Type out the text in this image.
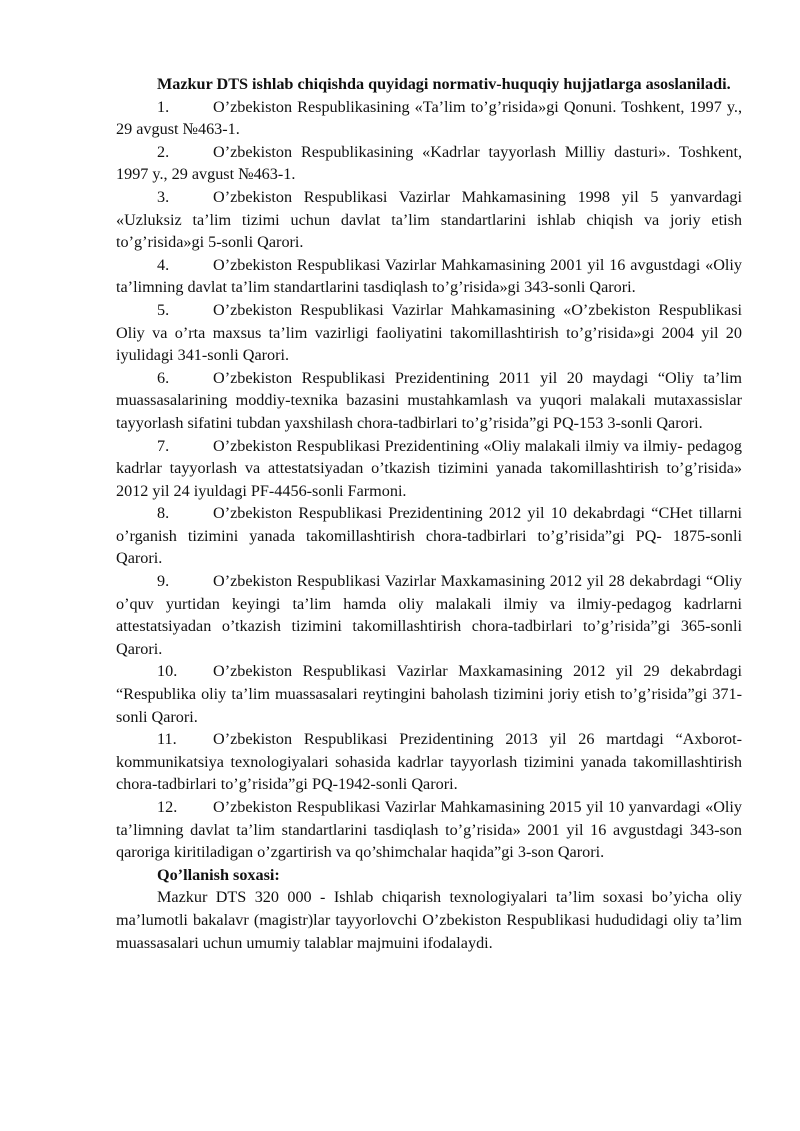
Mazkur DTS ishlab chiqishda quyidagi normativ-huquqiy hujjatlarga asoslaniladi.

1.	O’zbekiston Respublikasining «Ta’lim to’g’risida»gi Qonuni. Toshkent, 1997 y., 29 avgust №463-1.

2.	O’zbekiston Respublikasining «Kadrlar tayyorlash Milliy dasturi». Toshkent, 1997 y., 29 avgust №463-1.

3.	O’zbekiston Respublikasi Vazirlar Mahkamasining 1998 yil 5 yanvardagi «Uzluksiz ta’lim tizimi uchun davlat ta’lim standartlarini ishlab chiqish va joriy etish to’g’risida»gi 5-sonli Qarori.

4.	O’zbekiston Respublikasi Vazirlar Mahkamasining 2001 yil 16 avgustdagi «Oliy ta’limning davlat ta’lim standartlarini tasdiqlash to’g’risida»gi 343-sonli Qarori.

5.	O’zbekiston Respublikasi Vazirlar Mahkamasining «O’zbekiston Respublikasi Oliy va o’rta maxsus ta’lim vazirligi faoliyatini takomillashtirish to’g’risida»gi 2004 yil 20 iyulidagi 341-sonli Qarori.

6.	O’zbekiston Respublikasi Prezidentining 2011 yil 20 maydagi “Oliy ta’lim muassasalarining moddiy-texnika bazasini mustahkamlash va yuqori malakali mutaxassislar tayyorlash sifatini tubdan yaxshilash chora-tadbirlari to’g’risida”gi PQ-153 3-sonli Qarori.

7.	O’zbekiston Respublikasi Prezidentining «Oliy malakali ilmiy va ilmiy- pedagog kadrlar tayyorlash va attestatsiyadan o’tkazish tizimini yanada takomillashtirish to’g’risida» 2012 yil 24 iyuldagi PF-4456-sonli Farmoni.

8.	O’zbekiston Respublikasi Prezidentining 2012 yil 10 dekabrdagi “CHet tillarni o’rganish tizimini yanada takomillashtirish chora-tadbirlari to’g’risida”gi PQ- 1875-sonli Qarori.

9.	O’zbekiston Respublikasi Vazirlar Maxkamasining 2012 yil 28 dekabrdagi “Oliy o’quv yurtidan keyingi ta’lim hamda oliy malakali ilmiy va ilmiy-pedagog kadrlarni attestatsiyadan o’tkazish tizimini takomillashtirish chora-tadbirlari to’g’risida”gi 365-sonli Qarori.

10. O’zbekiston Respublikasi Vazirlar Maxkamasining 2012 yil 29 dekabrdagi “Respublika oliy ta’lim muassasalari reytingini baholash tizimini joriy etish to’g’risida”gi 371-sonli Qarori.

11. O’zbekiston Respublikasi Prezidentining 2013 yil 26 martdagi “Axborot- kommunikatsiya texnologiyalari sohasida kadrlar tayyorlash tizimini yanada takomillashtirish chora-tadbirlari to’g’risida”gi PQ-1942-sonli Qarori.

12. O’zbekiston Respublikasi Vazirlar Mahkamasining 2015 yil 10 yanvardagi «Oliy ta’limning davlat ta’lim standartlarini tasdiqlash to’g’risida» 2001 yil 16 avgustdagi 343-son qaroriga kiritiladigan o’zgartirish va qo’shimchalar haqida”gi 3-son Qarori.

Qo’llanish soxasi:

Mazkur DTS 320 000 - Ishlab chiqarish texnologiyalari ta’lim soxasi bo’yicha oliy ma’lumotli bakalavr (magistr)lar tayyorlovchi O’zbekiston Respublikasi hududidagi oliy ta’lim muassasalari uchun umumiy talablar majmuini ifodalaydi.
